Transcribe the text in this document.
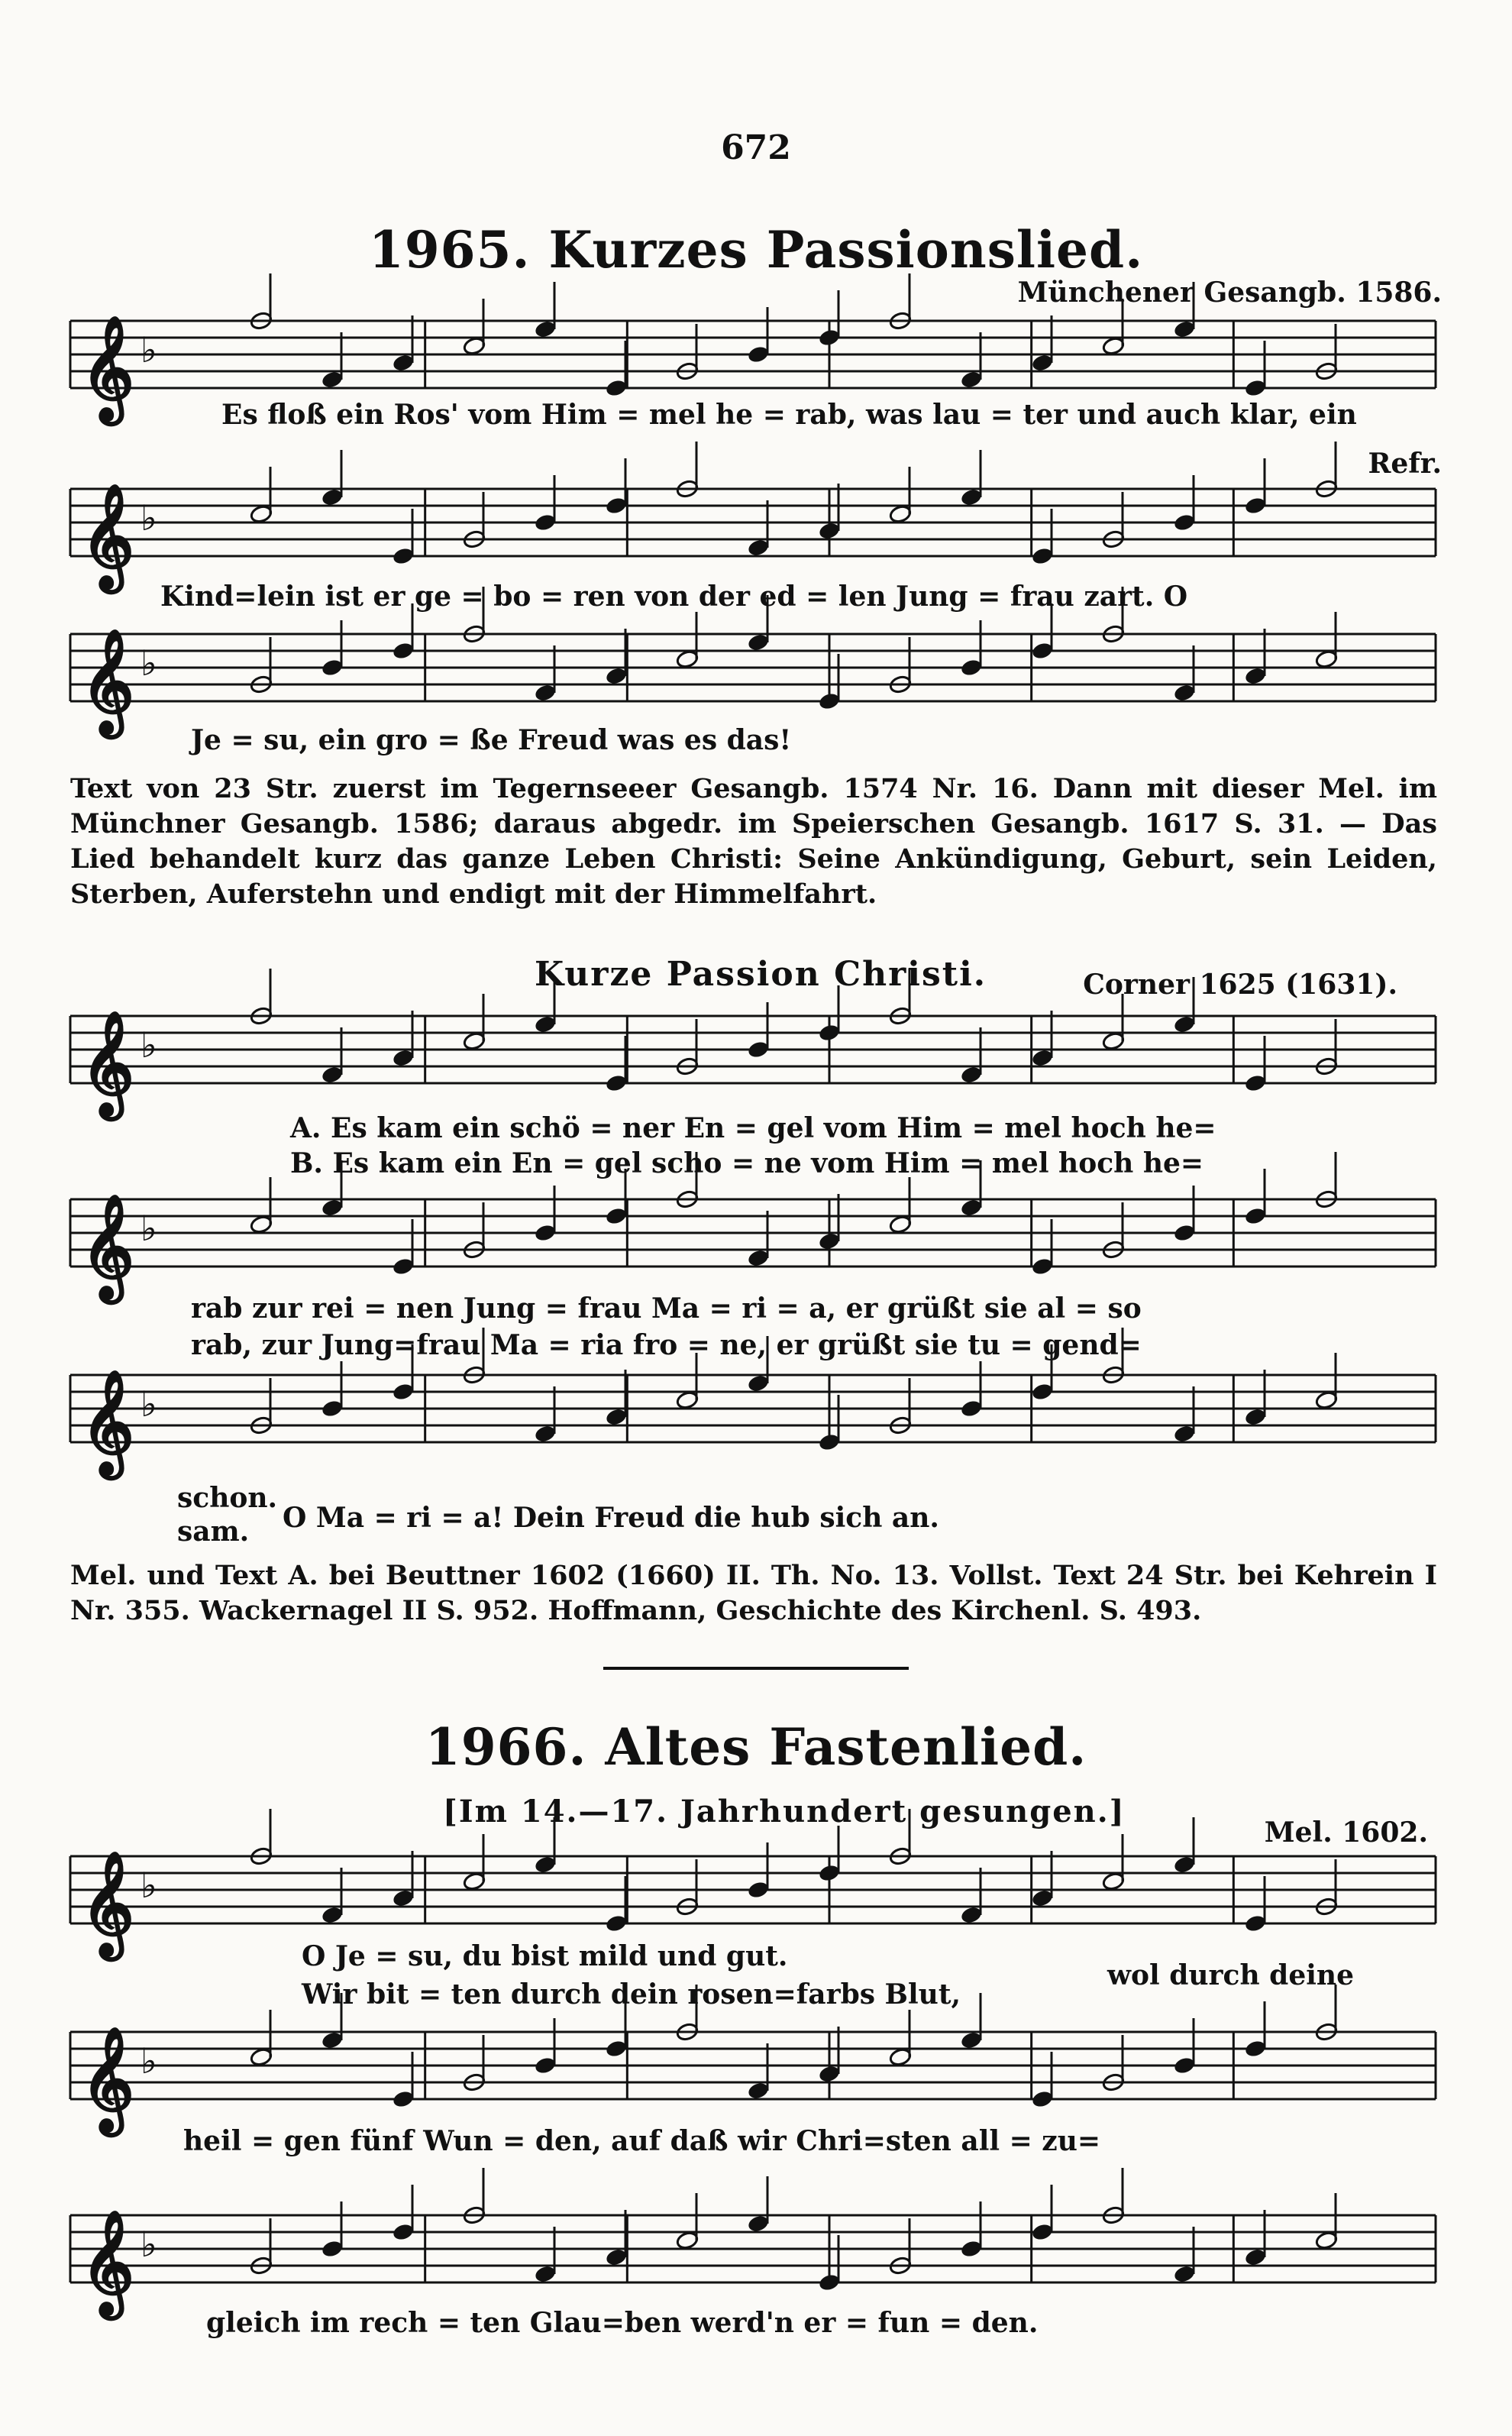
672
1965. Kurzes Passionslied.
Münchener Gesangb. 1586.
𝄞 ♭
𝄞 ♭
𝄞 ♭
𝄞 ♭
𝄞 ♭
𝄞 ♭
𝄞 ♭
𝄞 ♭
𝄞 ♭
Es floß ein Ros' vom Him = mel he = rab, was lau = ter und auch klar, ein
Refr.
Kind=lein ist er ge = bo = ren von der ed = len Jung = frau zart. O
Je = su, ein gro = ße Freud was es das!
Text von 23 Str. zuerst im Tegernseeer Gesangb. 1574 Nr. 16. Dann mit dieser Mel. im Münchner Gesangb. 1586; daraus abgedr. im Speierschen Gesangb. 1617 S. 31. — Das Lied behandelt kurz das ganze Leben Christi: Seine Ankündigung, Geburt, sein Leiden, Sterben, Auferstehn und endigt mit der Himmelfahrt.
Kurze Passion Christi.	Corner 1625 (1631).
A. Es kam ein schö = ner En = gel vom Him = mel hoch he=
B. Es kam ein En = gel scho = ne vom Him = mel hoch he=
rab zur rei = nen Jung = frau Ma = ri = a, er grüßt sie al = so
rab, zur Jung=frau Ma = ria fro = ne, er grüßt sie tu = gend=
schon.
sam. O Ma = ri = a! Dein Freud die hub sich an.
Mel. und Text A. bei Beuttner 1602 (1660) II. Th. No. 13. Vollst. Text 24 Str. bei Kehrein I Nr. 355. Wackernagel II S. 952. Hoffmann, Geschichte des Kirchenl. S. 493.
1966. Altes Fastenlied.
[Im 14.—17. Jahrhundert gesungen.]
Mel. 1602.
O Je = su, du bist mild und gut.
Wir bit = ten durch dein rosen=farbs Blut,
wol durch deine
heil = gen fünf Wun = den, auf daß wir Chri=sten all = zu=
gleich im rech = ten Glau=ben werd'n er = fun = den.
